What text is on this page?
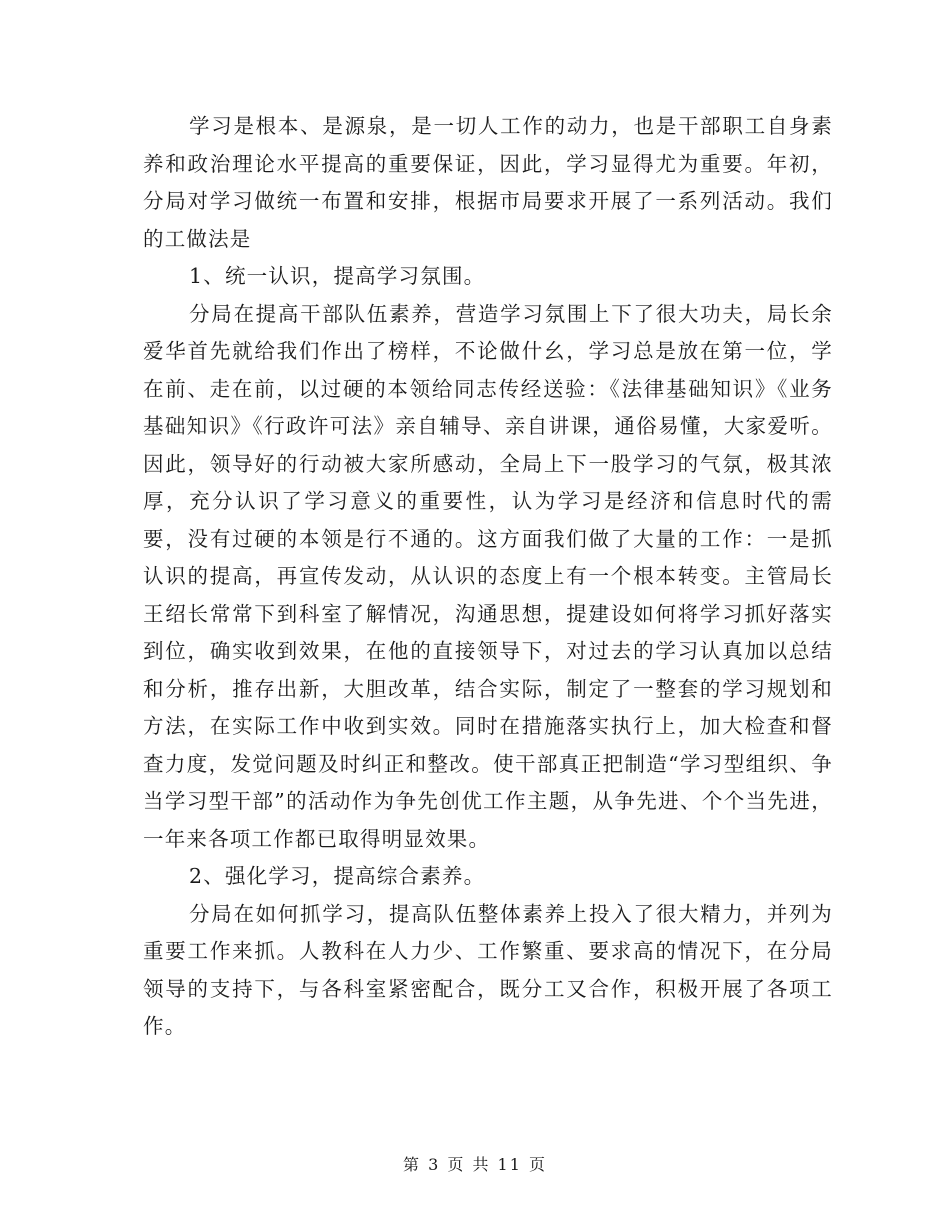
学习是根本、是源泉，是一切人工作的动力，也是干部职工自身素养和政治理论水平提高的重要保证，因此，学习显得尤为重要。年初，分局对学习做统一布置和安排，根据市局要求开展了一系列活动。我们的工做法是

1、统一认识，提高学习氛围。

分局在提高干部队伍素养，营造学习氛围上下了很大功夫，局长余爱华首先就给我们作出了榜样，不论做什幺，学习总是放在第一位，学在前、走在前，以过硬的本领给同志传经送验：《法律基础知识》《业务基础知识》《行政许可法》亲自辅导、亲自讲课，通俗易懂，大家爱听。因此，领导好的行动被大家所感动，全局上下一股学习的气氛，极其浓厚，充分认识了学习意义的重要性，认为学习是经济和信息时代的需要，没有过硬的本领是行不通的。这方面我们做了大量的工作：一是抓认识的提高，再宣传发动，从认识的态度上有一个根本转变。主管局长王绍长常常下到科室了解情况，沟通思想，提建设如何将学习抓好落实到位，确实收到效果，在他的直接领导下，对过去的学习认真加以总结和分析，推存出新，大胆改革，结合实际，制定了一整套的学习规划和方法，在实际工作中收到实效。同时在措施落实执行上，加大检查和督查力度，发觉问题及时纠正和整改。使干部真正把制造“学习型组织、争当学习型干部”的活动作为争先创优工作主题，从争先进、个个当先进，一年来各项工作都已取得明显效果。

2、强化学习，提高综合素养。

分局在如何抓学习，提高队伍整体素养上投入了很大精力，并列为重要工作来抓。人教科在人力少、工作繁重、要求高的情况下，在分局领导的支持下，与各科室紧密配合，既分工又合作，积极开展了各项工作。

第 3 页 共 11 页
